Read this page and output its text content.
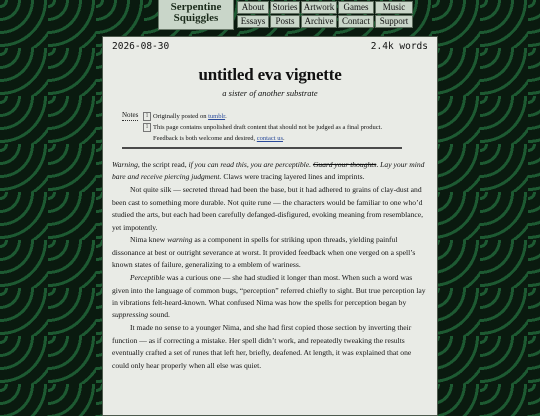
Serpentine
Squiggles
About Stories Artwork	Games	Music
Essays	Posts	Archive Contact	Support
2026-08-30	2.4k words
untitled eva vignette
a sister of another substrate
Notes	1 Originally posted on tumblr.
1 This page contains unpolished draft content that should not be judged as a final product. Feedback is both welcome and desired, contact us.

Warning, the script read, if you can read this, you are perceptible. Guard your thoughts. Lay your mind bare and receive piercing judgment. Claws were tracing layered lines and imprints.

Not quite silk — secreted thread had been the base, but it had adhered to grains of clay-dust and been cast to something more durable. Not quite rune — the characters would be familiar to one who’d studied the arts, but each had been carefully defanged-disfigured, evoking meaning from resemblance, yet impotently.

Nima knew warning as a component in spells for striking upon threads, yielding painful dissonance at best or outright severance at worst. It provided feedback when one verged on a spell’s known states of failure, generalizing to a emblem of wariness.

Perceptible was a curious one — she had studied it longer than most. When such a word was given into the language of common bugs, “perception” referred chiefly to sight. But true perception lay in vibrations felt-heard-known. What confused Nima was how the spells for perception began by suppressing sound.

It made no sense to a younger Nima, and she had first copied those section by inverting their function — as if correcting a mistake. Her spell didn’t work, and repeatedly tweaking the results eventually crafted a set of runes that left her, briefly, deafened. At length, it was explained that one could only hear properly when all else was quiet.
